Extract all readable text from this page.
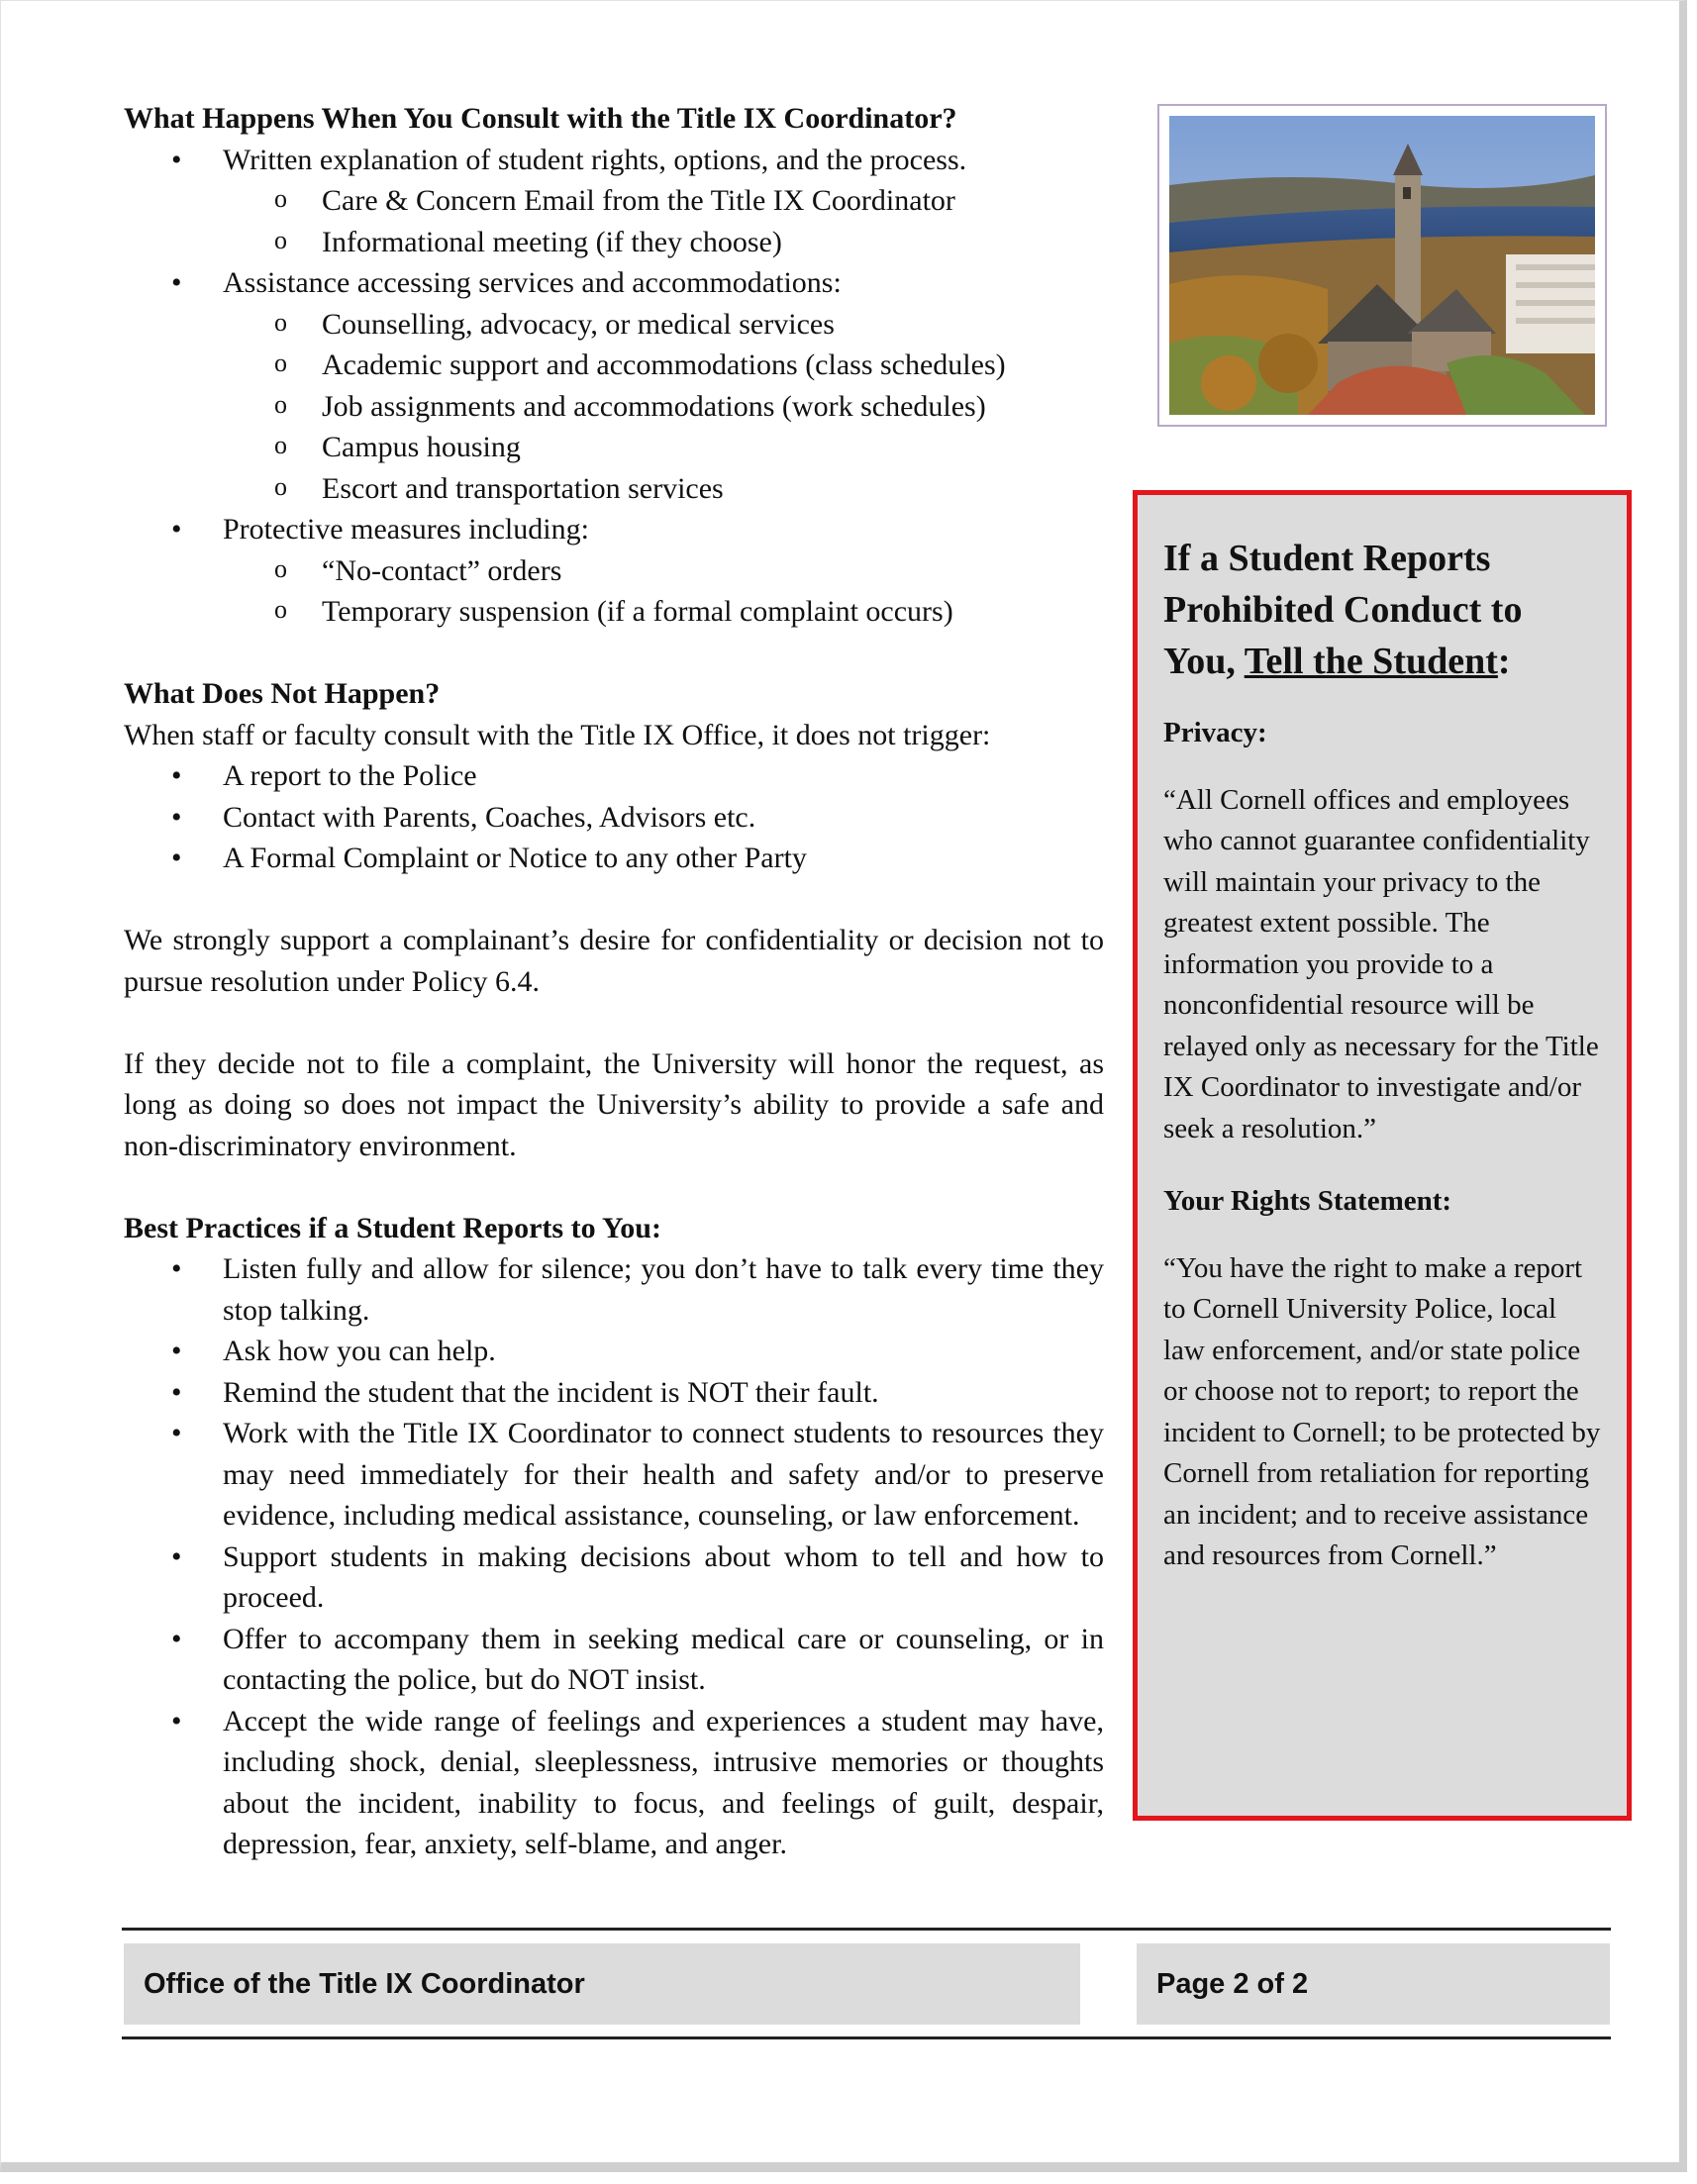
What Happens When You Consult with the Title IX Coordinator?
• Written explanation of student rights, options, and the process.
o Care & Concern Email from the Title IX Coordinator
o Informational meeting (if they choose)
• Assistance accessing services and accommodations:
o Counselling, advocacy, or medical services
o Academic support and accommodations (class schedules)
o Job assignments and accommodations (work schedules)
o Campus housing
o Escort and transportation services
• Protective measures including:
o “No-contact” orders
o Temporary suspension (if a formal complaint occurs)
What Does Not Happen?

When staff or faculty consult with the Title IX Office, it does not trigger:

• A report to the Police
• Contact with Parents, Coaches, Advisors etc.
• A Formal Complaint or Notice to any other Party

We strongly support a complainant’s desire for confidentiality or decision not to pursue resolution under Policy 6.4.

If they decide not to file a complaint, the University will honor the request, as long as doing so does not impact the University’s ability to provide a safe and non-discriminatory environment.

Best Practices if a Student Reports to You:
• Listen fully and allow for silence; you don’t have to talk every time they stop talking.
• Ask how you can help.
• Remind the student that the incident is NOT their fault.
• Work with the Title IX Coordinator to connect students to resources they may need immediately for their health and safety and/or to preserve evidence, including medical assistance, counseling, or law enforcement.
• Support students in making decisions about whom to tell and how to proceed.
• Offer to accompany them in seeking medical care or counseling, or in contacting the police, but do NOT insist.
• Accept the wide range of feelings and experiences a student may have, including shock, denial, sleeplessness, intrusive memories or thoughts about the incident, inability to focus, and feelings of guilt, despair, depression, fear, anxiety, self-blame, and anger.
If a Student Reports Prohibited Conduct to You, Tell the Student:
Privacy:

“All Cornell offices and employees who cannot guarantee confidentiality will maintain your privacy to the greatest extent possible. The information you provide to a nonconfidential resource will be relayed only as necessary for the Title IX Coordinator to investigate and/or seek a resolution.”

Your Rights Statement:

“You have the right to make a report to Cornell University Police, local law enforcement, and/or state police or choose not to report; to report the incident to Cornell; to be protected by Cornell from retaliation for reporting an incident; and to receive assistance and resources from Cornell.”

Office of the Title IX Coordinator	Page 2 of 2
